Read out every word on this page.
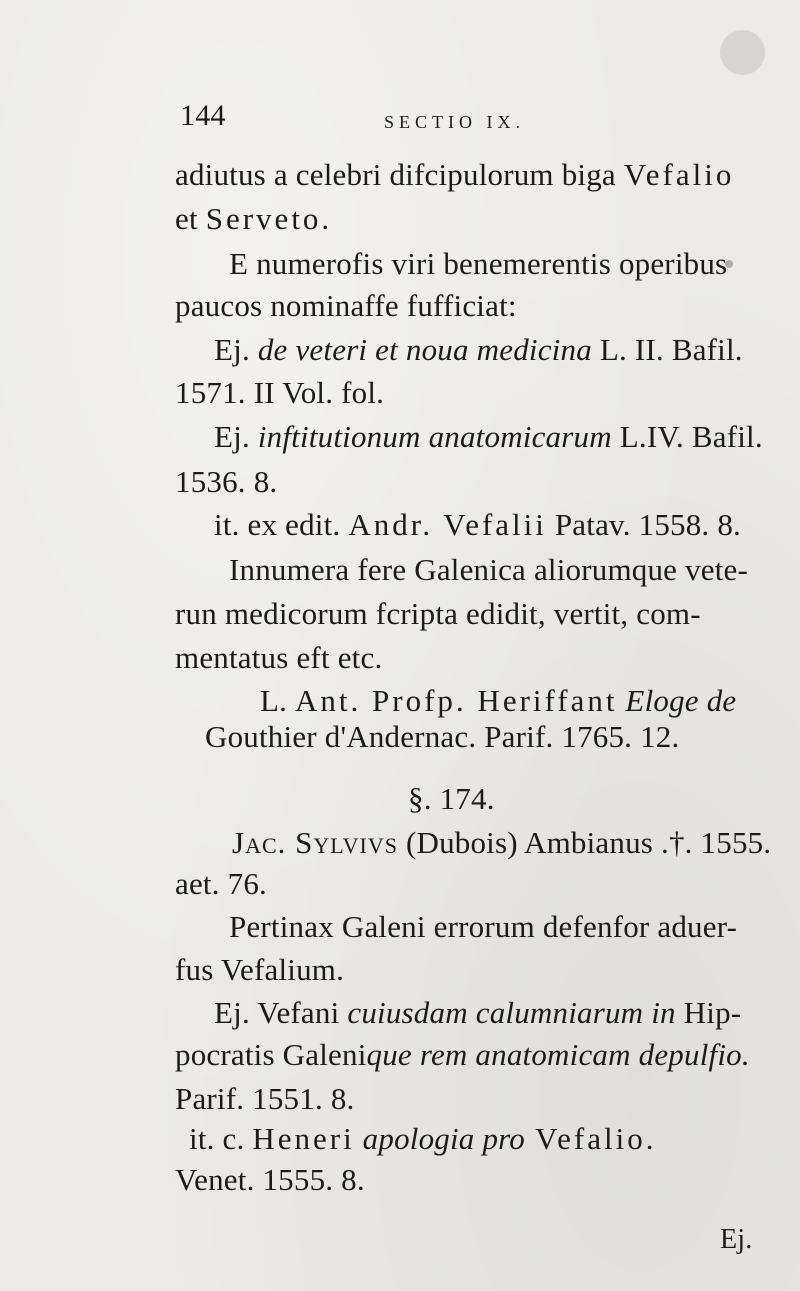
144	SECTIO IX.
adiutus a celebri difcipulorum biga Vefalio
et Serveto.
E numerofis viri benemerentis operibus
paucos nominaffe fufficiat:
Ej. de veteri et noua medicina L. II. Bafil.
1571. II Vol. fol.
Ej. inftitutionum anatomicarum L.IV. Bafil.
1536. 8.
it. ex edit. Andr. Vefalii Patav. 1558. 8.
Innumera fere Galenica aliorumque vete-
run medicorum fcripta edidit, vertit, com-
mentatus eft etc.
L. Ant. Profp. Heriffant Eloge de
Gouthier d'Andernac. Parif. 1765. 12.
§. 174.
Jac. Sylvivs (Dubois) Ambianus .†. 1555.
aet. 76.
Pertinax Galeni errorum defenfor aduer-
fus Vefalium.
Ej. Vefani cuiusdam calumniarum in Hip-
pocratis Galenique rem anatomicam depulfio.
Parif. 1551. 8.
it. c. Heneri apologia pro Vefalio.
Venet. 1555. 8.
Ej.
